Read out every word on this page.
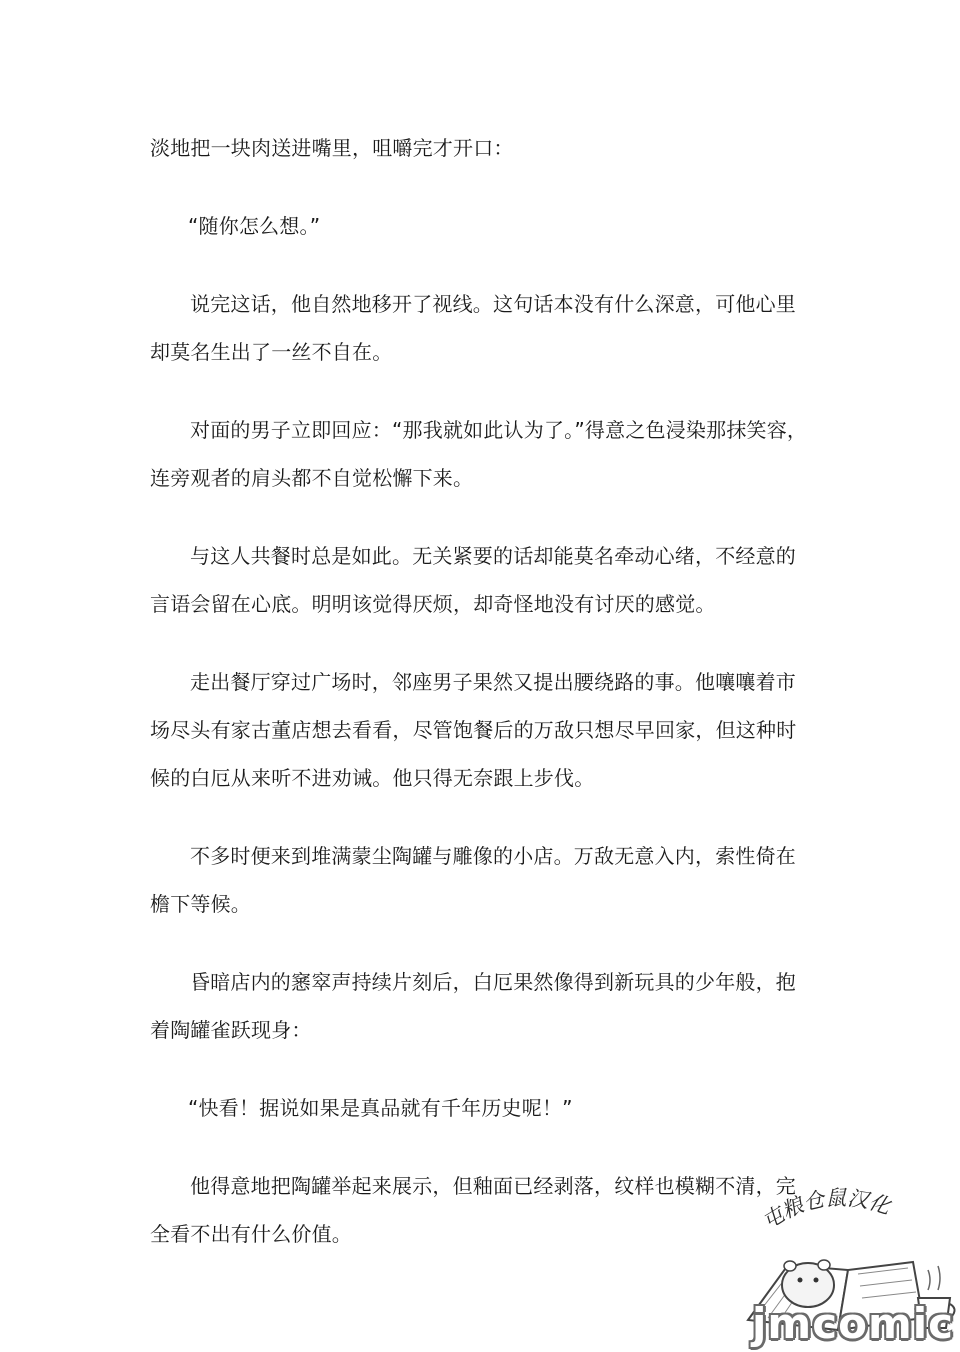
淡地把一块肉送进嘴里，咀嚼完才开口：

“随你怎么想。”

说完这话，他自然地移开了视线。这句话本没有什么深意，可他心里却莫名生出了一丝不自在。

对面的男子立即回应：“那我就如此认为了。”得意之色浸染那抹笑容，连旁观者的肩头都不自觉松懈下来。

与这人共餐时总是如此。无关紧要的话却能莫名牵动心绪，不经意的言语会留在心底。明明该觉得厌烦，却奇怪地没有讨厌的感觉。

走出餐厅穿过广场时，邻座男子果然又提出腰绕路的事。他嚷嚷着市场尽头有家古董店想去看看，尽管饱餐后的万敌只想尽早回家，但这种时候的白厄从来听不进劝诫。他只得无奈跟上步伐。

不多时便来到堆满蒙尘陶罐与雕像的小店。万敌无意入内，索性倚在檐下等候。

昏暗店内的窸窣声持续片刻后，白厄果然像得到新玩具的少年般，抱着陶罐雀跃现身：

“快看！据说如果是真品就有千年历史呢！”

他得意地把陶罐举起来展示，但釉面已经剥落，纹样也模糊不清，完全看不出有什么价值。

屯粮仓鼠汉化
jmcomic
